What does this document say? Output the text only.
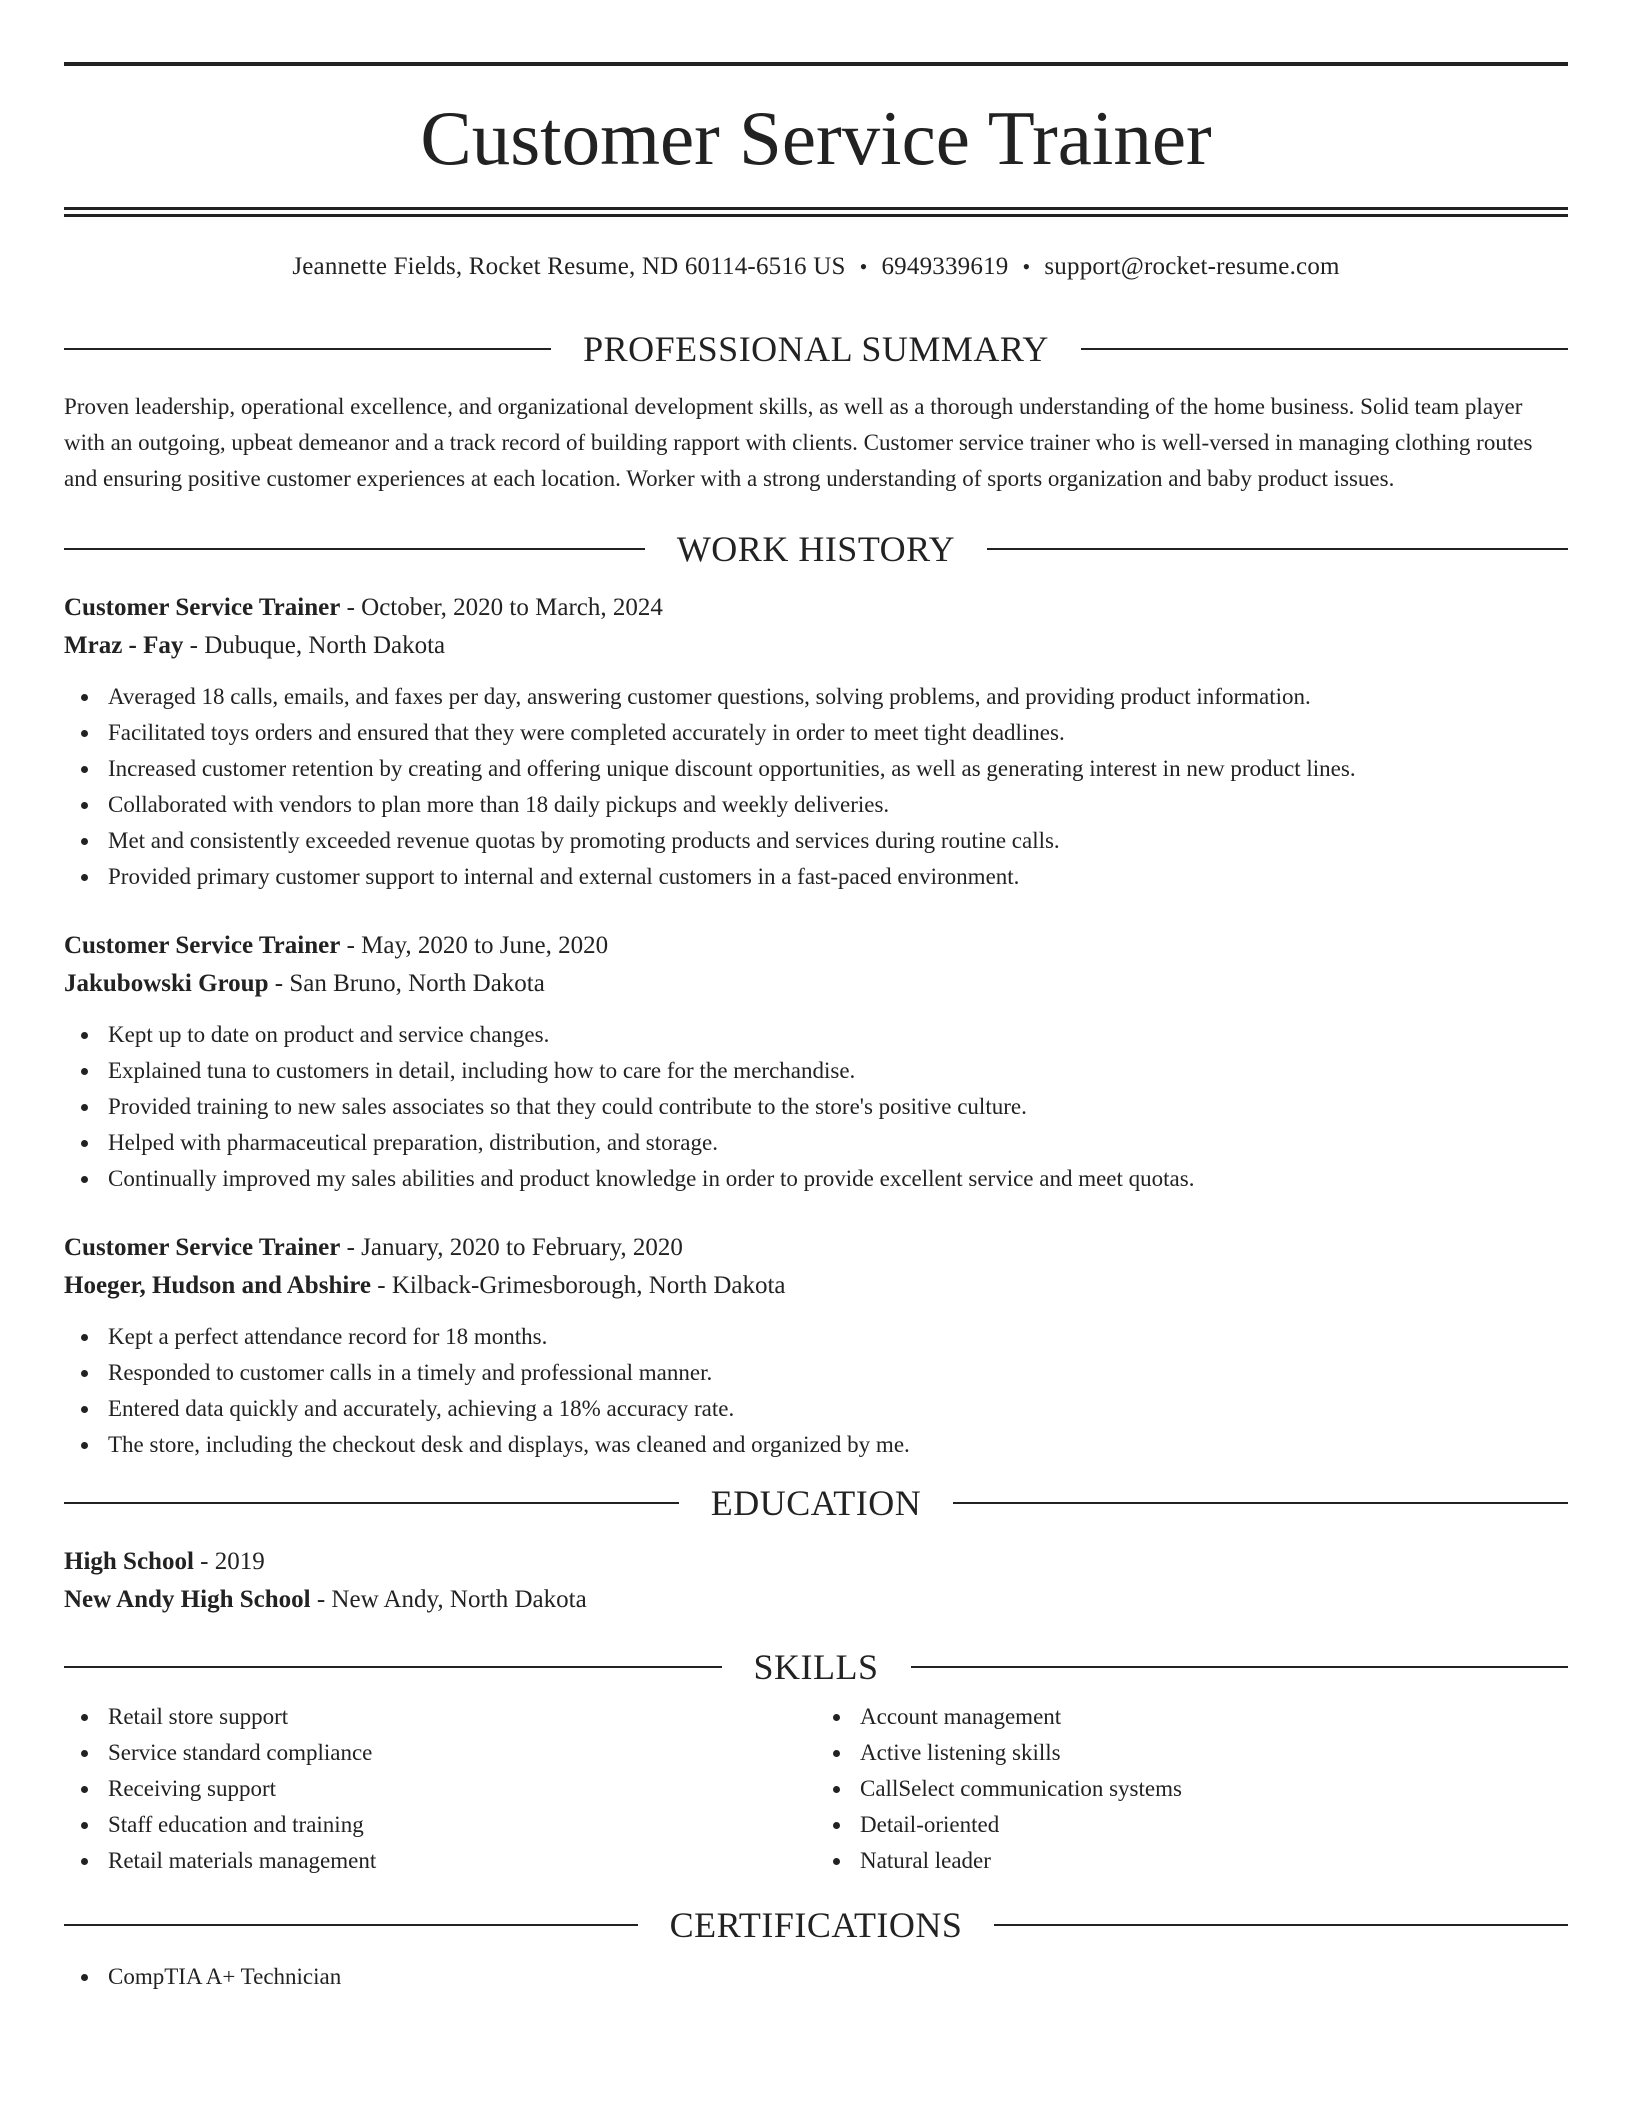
Customer Service Trainer
Jeannette Fields, Rocket Resume, ND 60114-6516 US • 6949339619 • support@rocket-resume.com
PROFESSIONAL SUMMARY
Proven leadership, operational excellence, and organizational development skills, as well as a thorough understanding of the home business. Solid team player with an outgoing, upbeat demeanor and a track record of building rapport with clients. Customer service trainer who is well-versed in managing clothing routes and ensuring positive customer experiences at each location. Worker with a strong understanding of sports organization and baby product issues.
WORK HISTORY
Customer Service Trainer - October, 2020 to March, 2024
Mraz - Fay - Dubuque, North Dakota
Averaged 18 calls, emails, and faxes per day, answering customer questions, solving problems, and providing product information.
Facilitated toys orders and ensured that they were completed accurately in order to meet tight deadlines.
Increased customer retention by creating and offering unique discount opportunities, as well as generating interest in new product lines.
Collaborated with vendors to plan more than 18 daily pickups and weekly deliveries.
Met and consistently exceeded revenue quotas by promoting products and services during routine calls.
Provided primary customer support to internal and external customers in a fast-paced environment.
Customer Service Trainer - May, 2020 to June, 2020
Jakubowski Group - San Bruno, North Dakota
Kept up to date on product and service changes.
Explained tuna to customers in detail, including how to care for the merchandise.
Provided training to new sales associates so that they could contribute to the store's positive culture.
Helped with pharmaceutical preparation, distribution, and storage.
Continually improved my sales abilities and product knowledge in order to provide excellent service and meet quotas.
Customer Service Trainer - January, 2020 to February, 2020
Hoeger, Hudson and Abshire - Kilback-Grimesborough, North Dakota
Kept a perfect attendance record for 18 months.
Responded to customer calls in a timely and professional manner.
Entered data quickly and accurately, achieving a 18% accuracy rate.
The store, including the checkout desk and displays, was cleaned and organized by me.
EDUCATION
High School - 2019
New Andy High School - New Andy, North Dakota
SKILLS
Retail store support
Service standard compliance
Receiving support
Staff education and training
Retail materials management
Account management
Active listening skills
CallSelect communication systems
Detail-oriented
Natural leader
CERTIFICATIONS
CompTIA A+ Technician
